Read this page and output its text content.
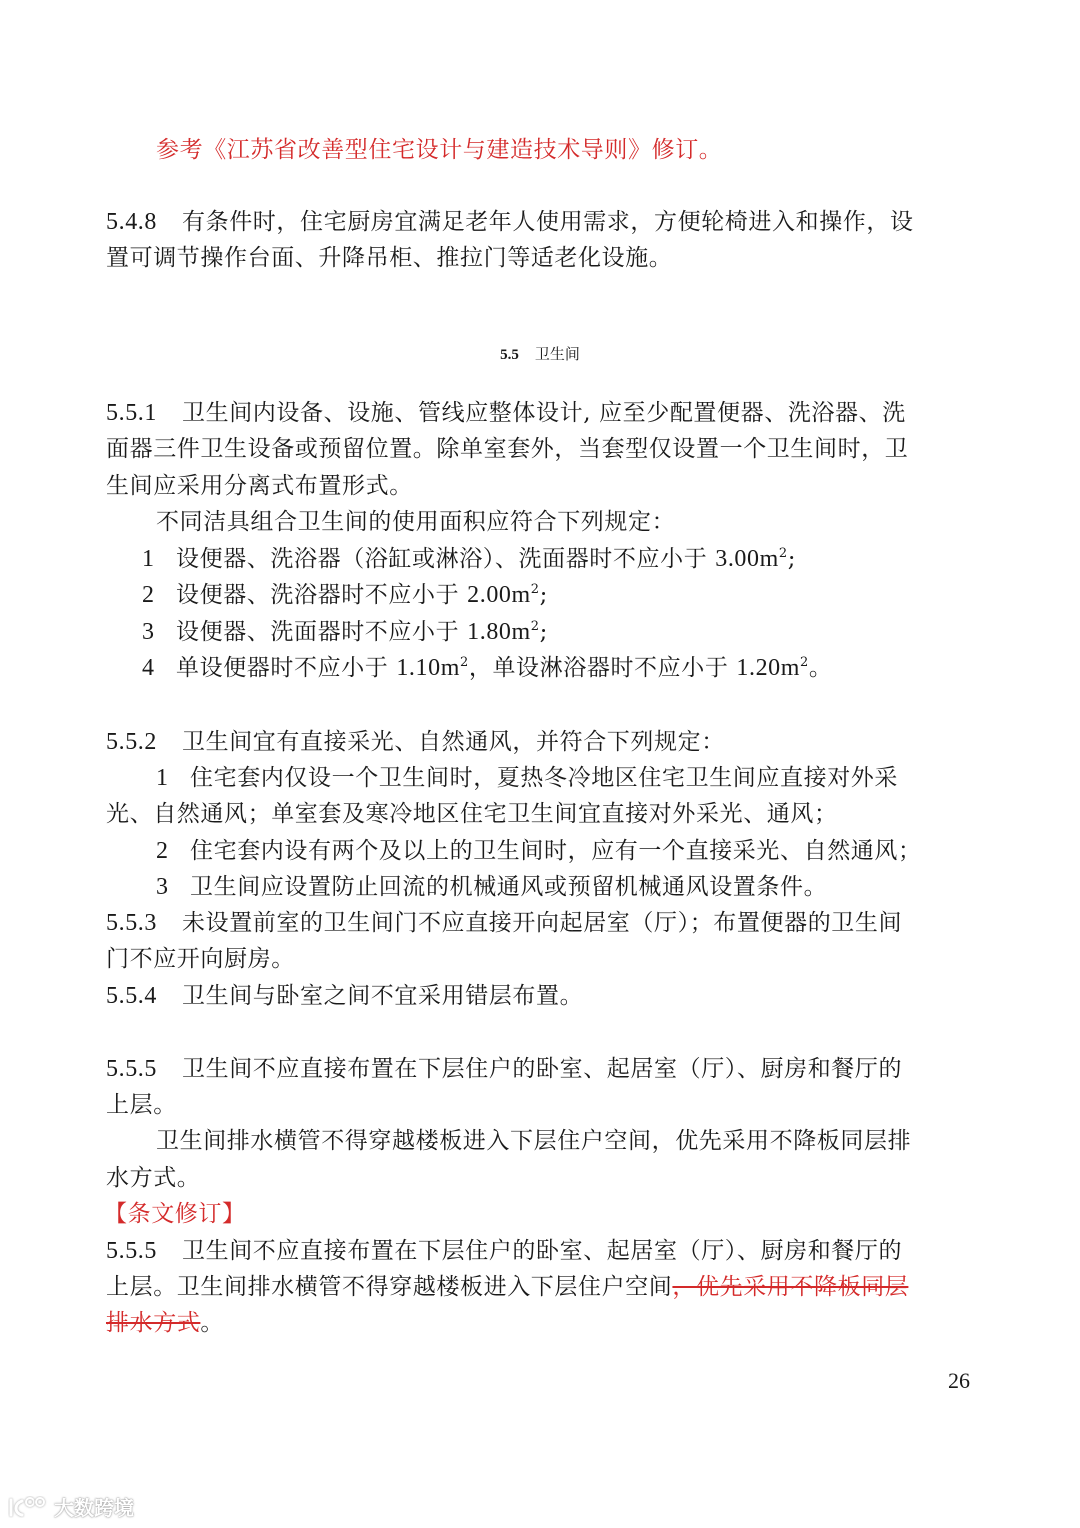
参考《江苏省改善型住宅设计与建造技术导则》修订。
5.4.8 有条件时，住宅厨房宜满足老年人使用需求，方便轮椅进入和操作，设
置可调节操作台面、升降吊柜、推拉门等适老化设施。
5.5 卫生间
5.5.1 卫生间内设备、设施、管线应整体设计, 应至少配置便器、洗浴器、洗
面器三件卫生设备或预留位置。除单室套外，当套型仅设置一个卫生间时，卫
生间应采用分离式布置形式。
不同洁具组合卫生间的使用面积应符合下列规定：
1 设便器、洗浴器（浴缸或淋浴）、洗面器时不应小于 $3.00m^2$;
2 设便器、洗浴器时不应小于 $2.00m^2$;
3 设便器、洗面器时不应小于 $1.80m^2$;
4 单设便器时不应小于 $1.10m^2$，单设淋浴器时不应小于 $1.20m^2$。
5.5.2 卫生间宜有直接采光、自然通风，并符合下列规定：
1 住宅套内仅设一个卫生间时，夏热冬冷地区住宅卫生间应直接对外采
光、自然通风；单室套及寒冷地区住宅卫生间宜直接对外采光、通风；
2 住宅套内设有两个及以上的卫生间时，应有一个直接采光、自然通风；
3 卫生间应设置防止回流的机械通风或预留机械通风设置条件。
5.5.3 未设置前室的卫生间门不应直接开向起居室（厅）；布置便器的卫生间
门不应开向厨房。
5.5.4 卫生间与卧室之间不宜采用错层布置。
5.5.5 卫生间不应直接布置在下层住户的卧室、起居室（厅）、厨房和餐厅的
上层。
卫生间排水横管不得穿越楼板进入下层住户空间，优先采用不降板同层排
水方式。
【条文修订】
5.5.5 卫生间不应直接布置在下层住户的卧室、起居室（厅）、厨房和餐厅的
上层。卫生间排水横管不得穿越楼板进入下层住户空间，优先采用不降板同层
排水方式。
26
大数跨境
